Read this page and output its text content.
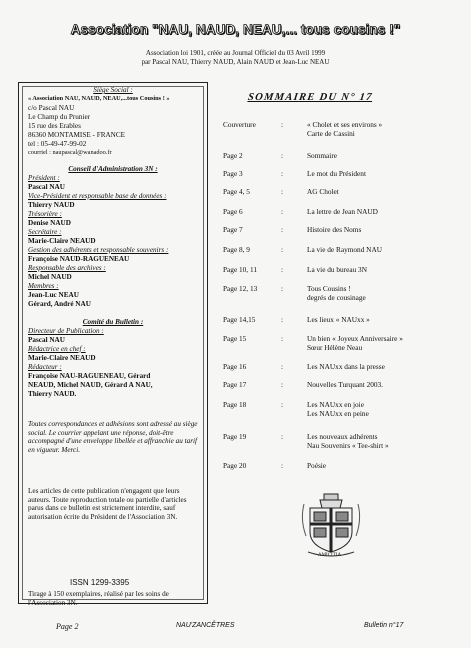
Association "NAU, NAUD, NEAU,... tous cousins !"
Association loi 1901, créée au Journal Officiel du 03 Avril 1999
par Pascal NAU, Thierry NAUD, Alain NAUD et Jean-Luc NEAU
Siège Social :
« Association NAU, NAUD, NEAU,...tous Cousins ! »
c/o Pascal NAU
Le Champ du Prunier
15 rue des Erables
86360 MONTAMISE - FRANCE
tel : 05-49-47-99-02
courriel : naupascal@wanadoo.fr
Conseil d'Administration 3N :
Président :
Pascal NAU
Vice-Président et responsable base de données :
Thierry NAUD
Trésorière :
Denise NAUD
Secrétaire :
Marie-Claire NEAUD
Gestion des adhérents et responsable souvenirs :
Françoise NAUD-RAGUENEAU
Responsable des archives :
Michel NAUD
Membres :
Jean-Luc NEAU
Gérard, André NAU
Comité du Bulletin :
Directeur de Publication :
Pascal NAU
Rédactrice en chef :
Marie-Claire NEAUD
Rédacteur :
Françoise NAU-RAGUENEAU, Gérard
NEAUD, Michel NAUD, Gérard A NAU,
Thierry NAUD.
Toutes correspondances et adhésions sont adressé au siège social. Le courrier appelant une réponse, doit-être accompagné d'une enveloppe libellée et affranchie au tarif en vigueur. Merci.
Les articles de cette publication n'engagent que leurs auteurs. Toute reproduction totale ou partielle d'articles parus dans ce bulletin est strictement interdite, sauf autorisation écrite du Président de l'Association 3N.
ISSN 1299-3395
Tirage à 150 exemplaires, réalisé par les soins de l'Association 3N.
SOMMAIRE DU N° 17
Couverture	:	« Cholet et ses environs »
Carte de Cassini
Page 2	:	Sommaire
Page 3	:	Le mot du Président
Page 4, 5	:	AG Cholet
Page 6	:	La lettre de Jean NAUD
Page 7	:	Histoire des Noms
Page 8, 9	:	La vie de Raymond NAU
Page 10, 11	:	La vie du bureau 3N
Page 12, 13	:	Tous Cousins !
degrés de cousinage
Page 14,15	:	Les lieux « NAUxx »
Page 15	:	Un bien « Joyeux Anniversaire »
Sœur Hélène Neau
Page 16	:	Les NAUxx dans la presse
Page 17	:	Nouvelles Turquant 2003.
Page 18	:	Les NAUxx en joie
Les NAUxx en peine
Page 19	:	Les nouveaux adhérents
Nau Souvenirs « Tee-shirt »
Page 20	:	Poésie
AMICITIA
Page 2	NAU'ZANCÊTRES	Bulletin n°17
